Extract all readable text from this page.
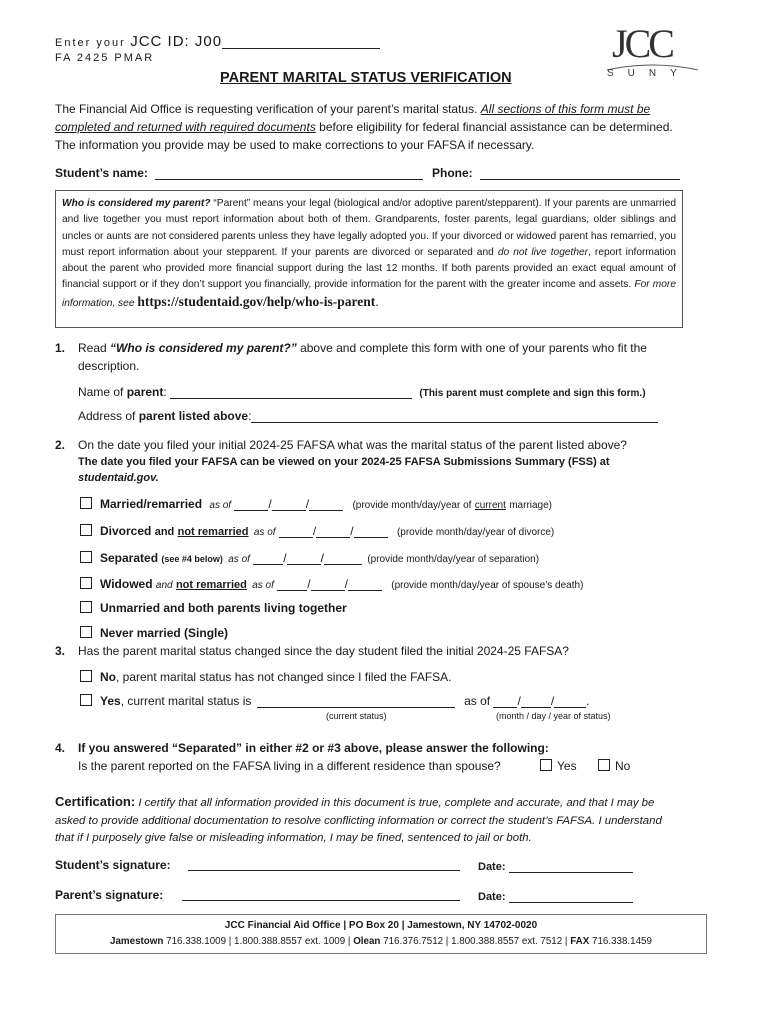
Enter your JCC ID: J00
FA 2425 PMAR	JCC
SUNY
PARENT MARITAL STATUS VERIFICATION
The Financial Aid Office is requesting verification of your parent’s marital status. All sections of this form must be completed and returned with required documents before eligibility for federal financial assistance can be determined. The information you provide may be used to make corrections to your FAFSA if necessary.
Student’s name:	Phone:
Who is considered my parent? “Parent” means your legal (biological and/or adoptive parent/stepparent). If your parents are unmarried and live together you must report information about both of them. Grandparents, foster parents, legal guardians, older siblings and uncles or aunts are not considered parents unless they have legally adopted you. If your divorced or widowed parent has remarried, you must report information about your stepparent. If your parents are divorced or separated and do not live together, report information about the parent who provided more financial support during the last 12 months. If both parents provided an exact equal amount of financial support or if they don’t support you financially, provide information for the parent with the greater income and assets. For more information, see https://studentaid.gov/help/who-is-parent.
1. Read “Who is considered my parent?” above and complete this form with one of your parents who fit the
description.
Name of parent:	(This parent must complete and sign this form.)
Address of parent listed above:
2. On the date you filed your initial 2024-25 FAFSA what was the marital status of the parent listed above?
The date you filed your FAFSA can be viewed on your 2024-25 FAFSA Submissions Summary (FSS) at
studentaid.gov.
Married/remarried as of	/	/	(provide month/day/year of current marriage)
Divorced and not remarried as of	/	/	(provide month/day/year of divorce)
Separated (see #4 below) as of	/	/	(provide month/day/year of separation)
Widowed and not remarried as of	/	/	(provide month/day/year of spouse’s death)
Unmarried and both parents living together
Never married (Single)
3. Has the parent marital status changed since the day student filed the initial 2024-25 FAFSA?
No, parent marital status has not changed since I filed the FAFSA.
Yes, current marital status is	as of /	/	.
(current status)	(month / day / year of status)
4. If you answered “Separated” in either #2 or #3 above, please answer the following:
Is the parent reported on the FAFSA living in a different residence than spouse?	Yes	No
Certification: I certify that all information provided in this document is true, complete and accurate, and that I may be asked to provide additional documentation to resolve conflicting information or correct the student’s FAFSA. I understand that if I purposely give false or misleading information, I may be fined, sentenced to jail or both.
Student’s signature:	Date:
Parent’s signature:	Date:
JCC Financial Aid Office | PO Box 20 | Jamestown, NY 14702-0020
Jamestown 716.338.1009 | 1.800.388.8557 ext. 1009 | Olean 716.376.7512 | 1.800.388.8557 ext. 7512 | FAX 716.338.1459
